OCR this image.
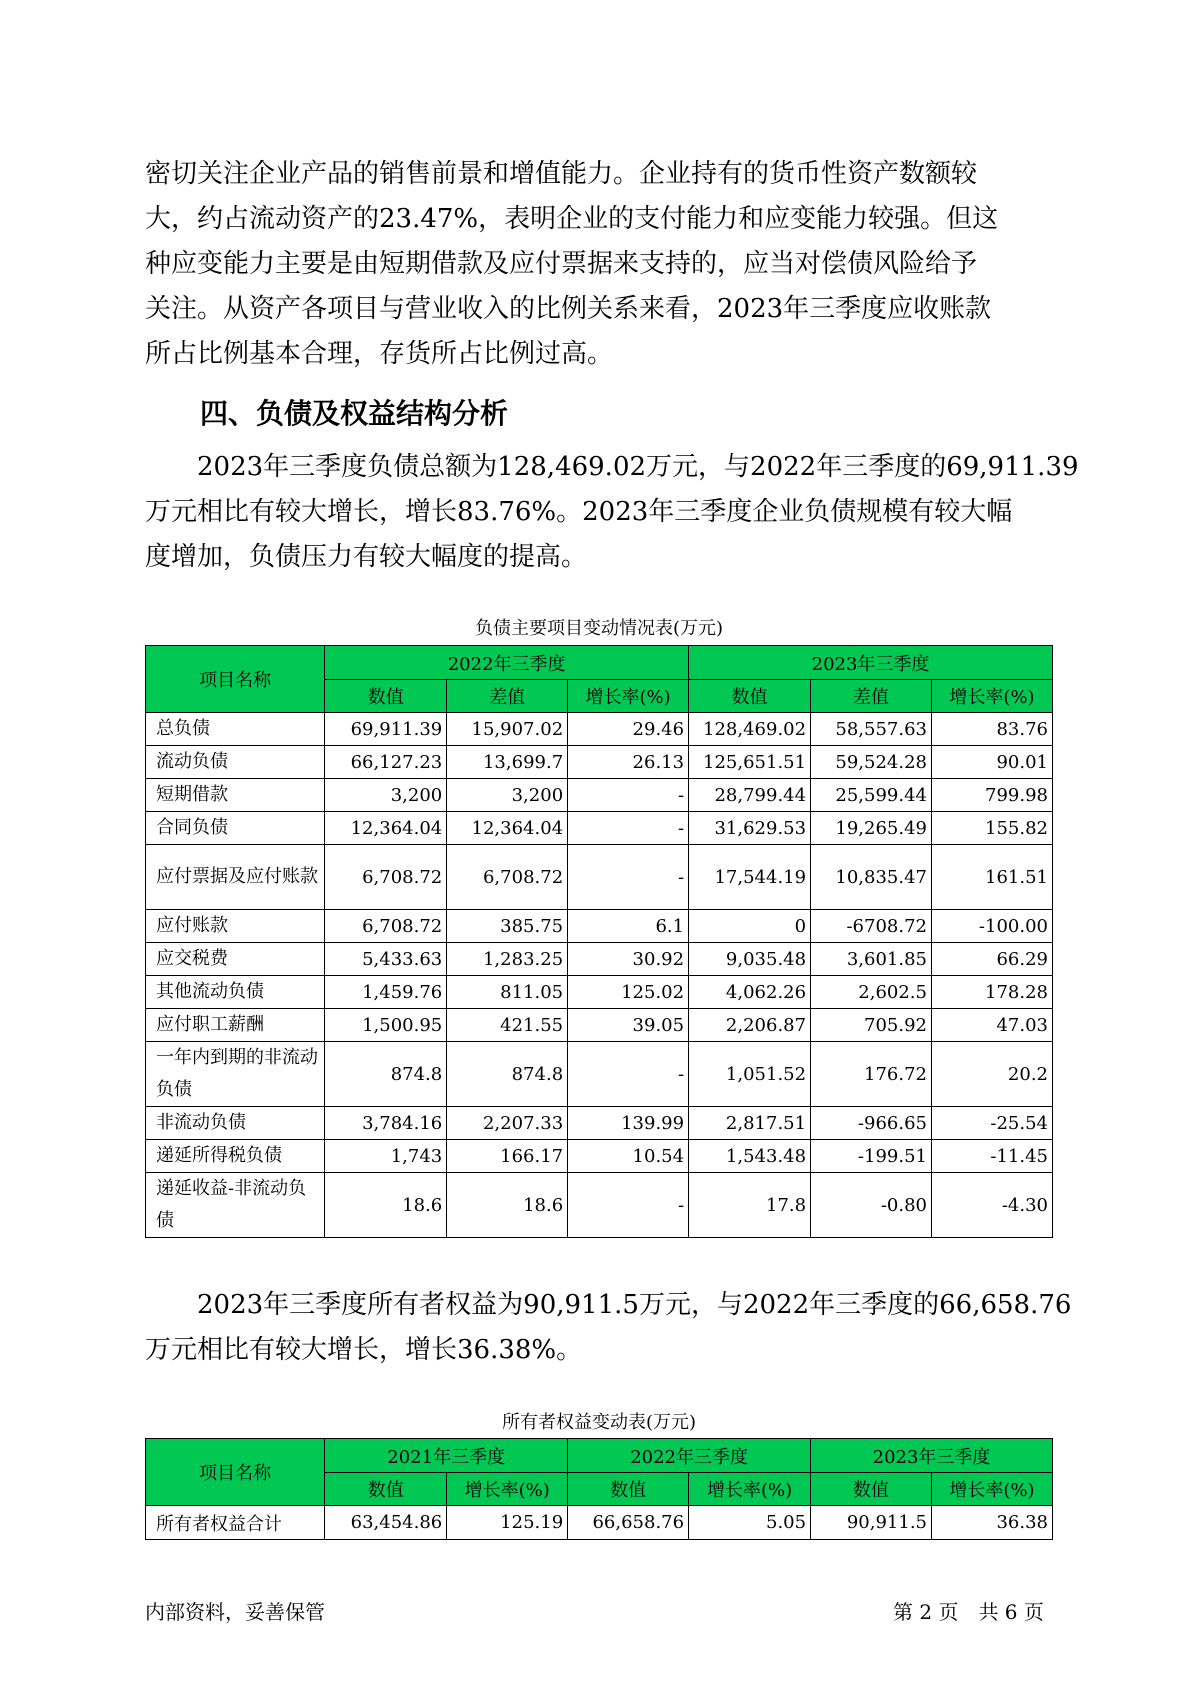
密切关注企业产品的销售前景和增值能力。企业持有的货币性资产数额较
大，约占流动资产的23.47%，表明企业的支付能力和应变能力较强。但这
种应变能力主要是由短期借款及应付票据来支持的，应当对偿债风险给予
关注。从资产各项目与营业收入的比例关系来看，2023年三季度应收账款
所占比例基本合理，存货所占比例过高。

四、负债及权益结构分析

　　2023年三季度负债总额为128,469.02万元，与2022年三季度的69,911.39
万元相比有较大增长，增长83.76%。2023年三季度企业负债规模有较大幅
度增加，负债压力有较大幅度的提高。

负债主要项目变动情况表(万元)
项目名称	2022年三季度			2023年三季度		
	数值	差值	增长率(%)	数值	差值	增长率(%)
总负债	69,911.39	15,907.02	29.46	128,469.02	58,557.63	83.76
流动负债	66,127.23	13,699.7	26.13	125,651.51	59,524.28	90.01
短期借款	3,200	3,200	-	28,799.44	25,599.44	799.98
合同负债	12,364.04	12,364.04	-	31,629.53	19,265.49	155.82
应付票据及应付账款	6,708.72	6,708.72	-	17,544.19	10,835.47	161.51
应付账款	6,708.72	385.75	6.1	0	-6708.72	-100.00
应交税费	5,433.63	1,283.25	30.92	9,035.48	3,601.85	66.29
其他流动负债	1,459.76	811.05	125.02	4,062.26	2,602.5	178.28
应付职工薪酬	1,500.95	421.55	39.05	2,206.87	705.92	47.03
一年内到期的非流动负债	874.8	874.8	-	1,051.52	176.72	20.2
非流动负债	3,784.16	2,207.33	139.99	2,817.51	-966.65	-25.54
递延所得税负债	1,743	166.17	10.54	1,543.48	-199.51	-11.45
递延收益-非流动负债	18.6	18.6	-	17.8	-0.80	-4.30

　　2023年三季度所有者权益为90,911.5万元，与2022年三季度的66,658.76
万元相比有较大增长，增长36.38%。

所有者权益变动表(万元)
项目名称	2021年三季度		2022年三季度		2023年三季度	
	数值	增长率(%)	数值	增长率(%)	数值	增长率(%)
所有者权益合计	63,454.86	125.19	66,658.76	5.05	90,911.5	36.38
内部资料，妥善保管	第 2 页　共 6 页
